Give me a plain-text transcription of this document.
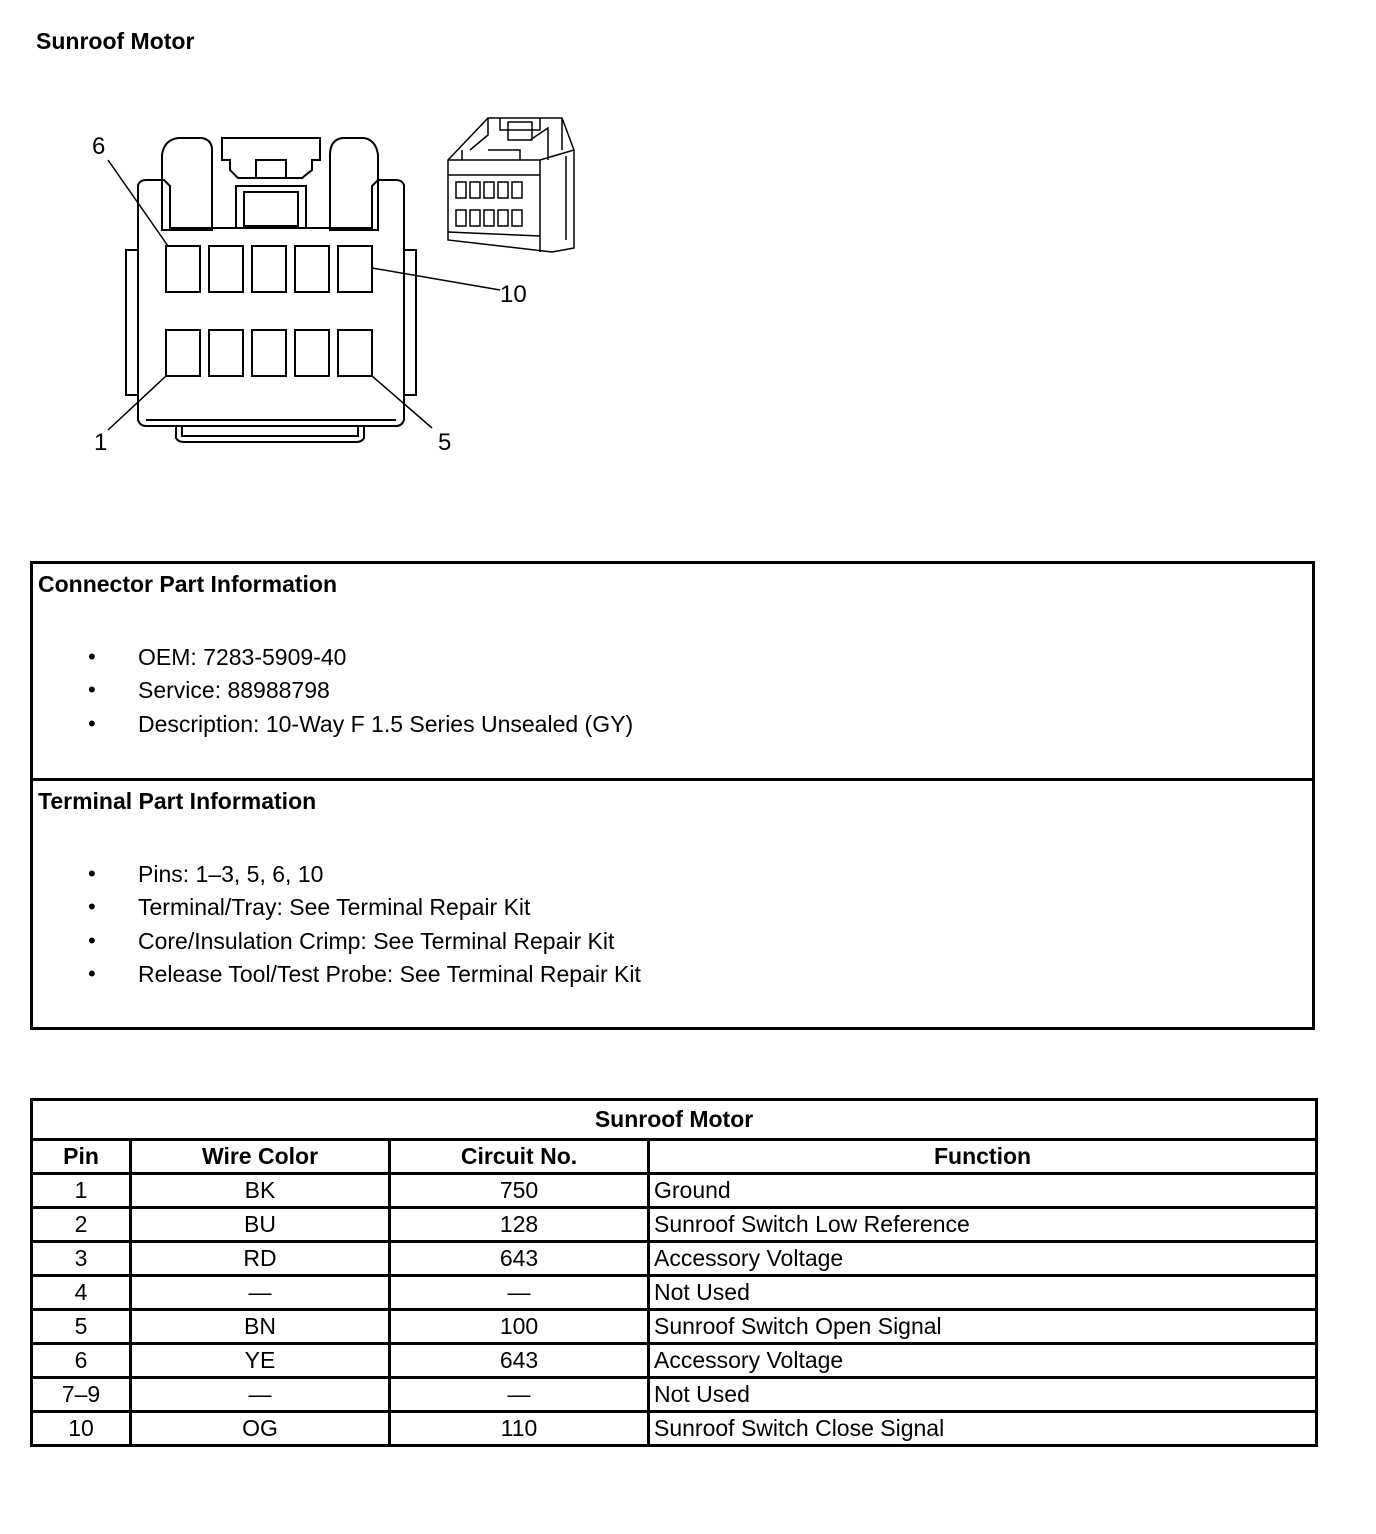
Sunroof Motor
6
10
1	5
Connector Part Information
• OEM: 7283-5909-40
• Service: 88988798
• Description: 10-Way F 1.5 Series Unsealed (GY)
Terminal Part Information
• Pins: 1–3, 5, 6, 10
• Terminal/Tray: See Terminal Repair Kit
• Core/Insulation Crimp: See Terminal Repair Kit
• Release Tool/Test Probe: See Terminal Repair Kit
Sunroof Motor			
Pin	Wire Color	Circuit No.	Function
1	BK	750	Ground
2	BU	128	Sunroof Switch Low Reference
3	RD	643	Accessory Voltage
4	—	—	Not Used
5	BN	100	Sunroof Switch Open Signal
6	YE	643	Accessory Voltage
7–9	—	—	Not Used
10	OG	110	Sunroof Switch Close Signal
